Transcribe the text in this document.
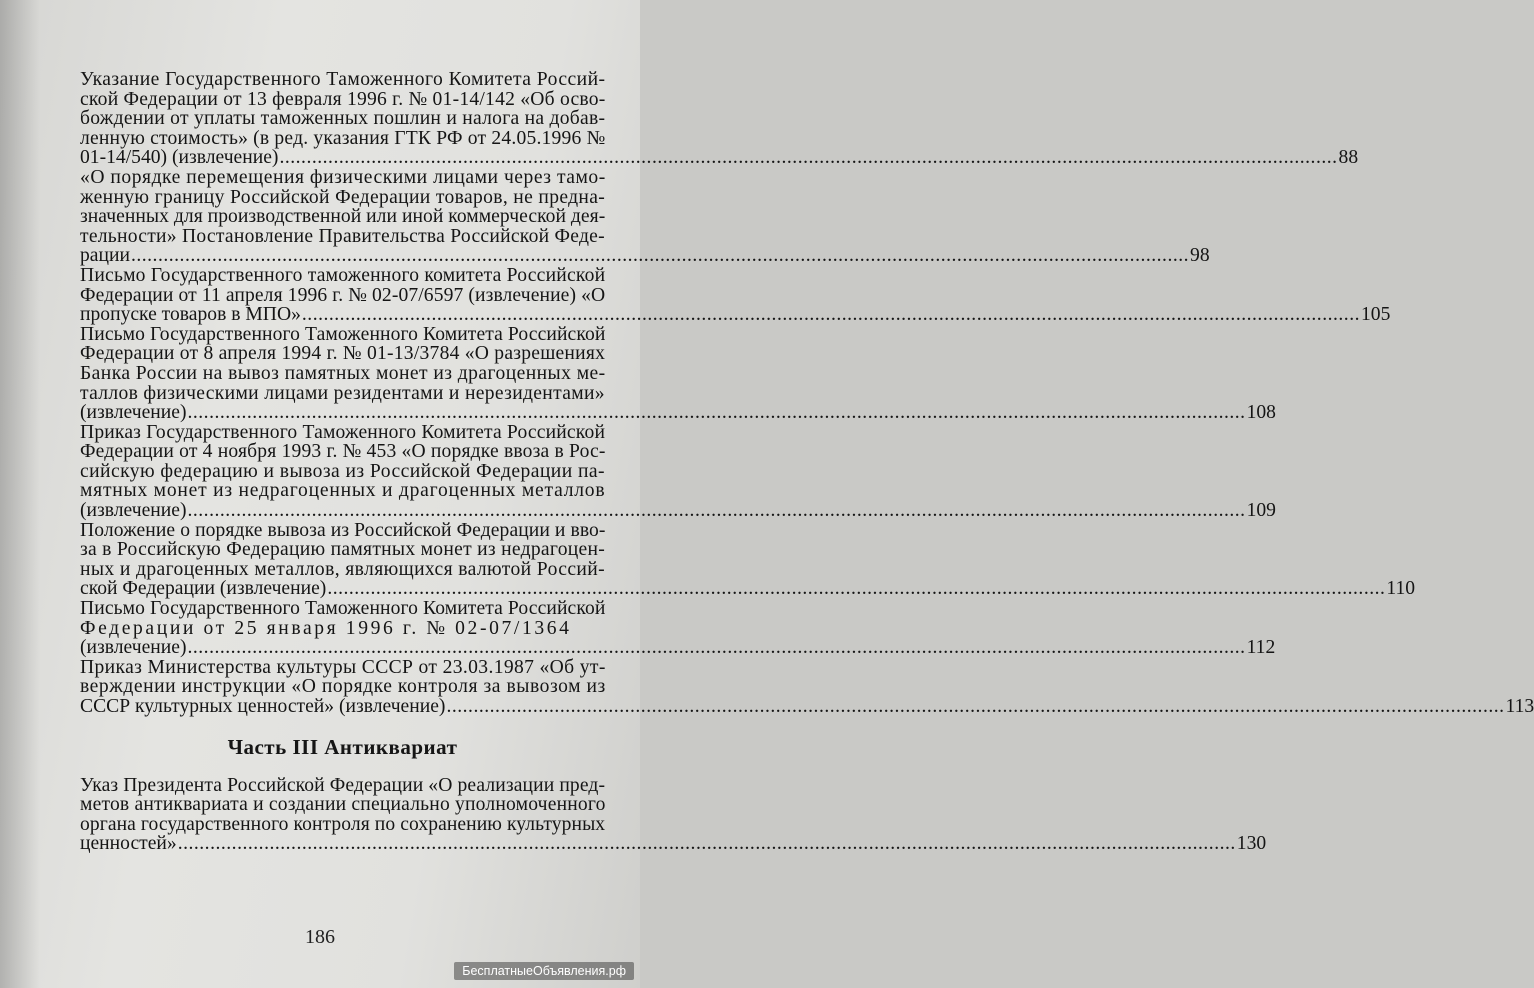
Указание Государственного Таможенного Комитета Россий-
ской Федерации от 13 февраля 1996 г. № 01-14/142 «Об осво-
бождении от уплаты таможенных пошлин и налога на добав-
ленную стоимость» (в ред. указания ГТК РФ от 24.05.1996 №
01-14/540) (извлечение) .....	88
«О порядке перемещения физическими лицами через тамо-
женную границу Российской Федерации товаров, не предна-
значенных для производственной или иной коммерческой дея-
тельности» Постановление Правительства Российской Феде-
рации .....	98
Письмо Государственного таможенного комитета Российской
Федерации от 11 апреля 1996 г. № 02-07/6597 (извлечение) «О
пропуске товаров в МПО» .....	105
Письмо Государственного Таможенного Комитета Российской
Федерации от 8 апреля 1994 г. № 01-13/3784 «О разрешениях
Банка России на вывоз памятных монет из драгоценных ме-
таллов физическими лицами резидентами и нерезидентами»
(извлечение) .....	108
Приказ Государственного Таможенного Комитета Российской
Федерации от 4 ноября 1993 г. № 453 «О порядке ввоза в Рос-
сийскую федерацию и вывоза из Российской Федерации па-
мятных монет из недрагоценных и драгоценных металлов
(извлечение) .....	109
Положение о порядке вывоза из Российской Федерации и вво-
за в Российскую Федерацию памятных монет из недрагоцен-
ных и драгоценных металлов, являющихся валютой Россий-
ской Федерации (извлечение) .....	110
Письмо Государственного Таможенного Комитета Российской
Федерации от 25 января 1996 г. № 02-07/1364
(извлечение) .....	112
Приказ Министерства культуры СССР от 23.03.1987 «Об ут-
верждении инструкции «О порядке контроля за вывозом из
СССР культурных ценностей» (извлечение) .....	113
Часть III Антиквариат
Указ Президента Российской Федерации «О реализации пред-
метов антиквариата и создании специально уполномоченного
органа государственного контроля по сохранению культурных
ценностей» .....	130
186
БесплатныеОбъявления.рф
